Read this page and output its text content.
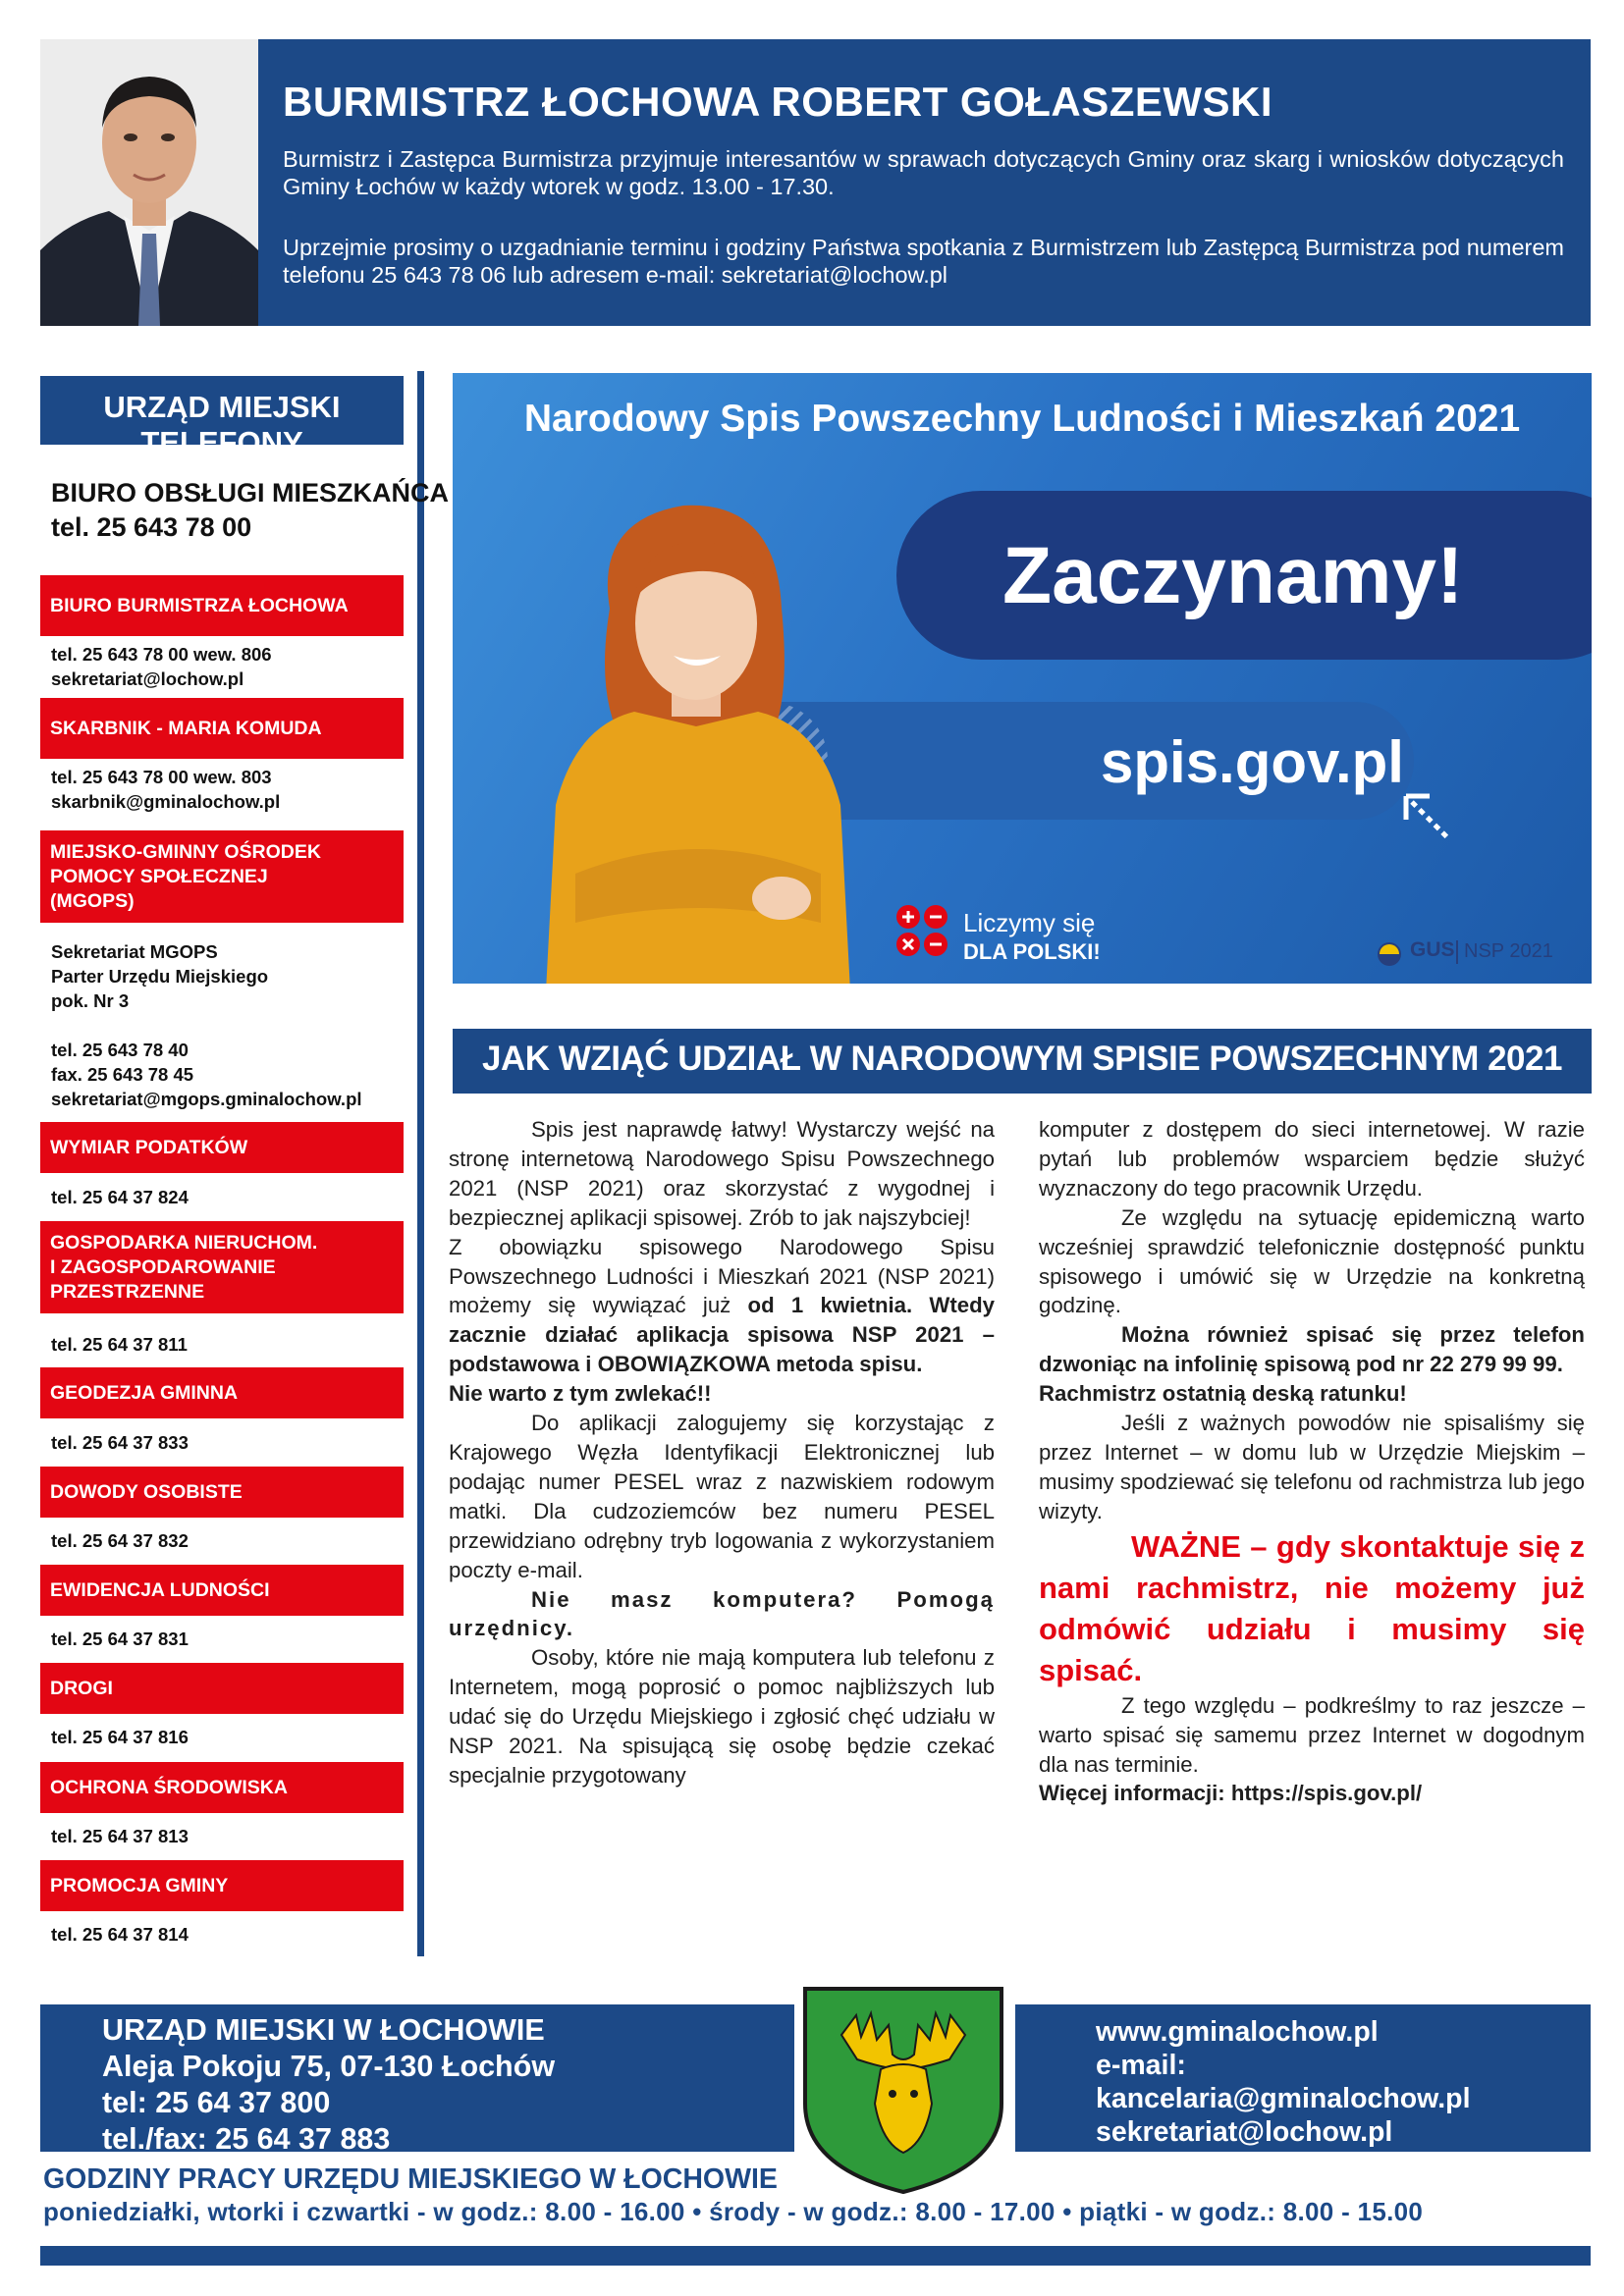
BURMISTRZ ŁOCHOWA ROBERT GOŁASZEWSKI
Burmistrz i Zastępca Burmistrza przyjmuje interesantów w sprawach dotyczących Gminy oraz skarg i wniosków dotyczących Gminy Łochów w każdy wtorek w godz. 13.00 - 17.30.
Uprzejmie prosimy o uzgadnianie terminu i godziny Państwa spotkania z Burmistrzem lub Zastępcą Burmistrza pod numerem telefonu 25 643 78 06 lub adresem e-mail: sekretariat@lochow.pl
URZĄD MIEJSKI TELEFONY
BIURO OBSŁUGI MIESZKAŃCA
tel. 25 643 78 00
BIURO BURMISTRZA ŁOCHOWA
tel. 25 643 78 00 wew. 806
sekretariat@lochow.pl
SKARBNIK - MARIA KOMUDA
tel. 25 643 78 00 wew. 803
skarbnik@gminalochow.pl
MIEJSKO-GMINNY OŚRODEK
POMOCY SPOŁECZNEJ
(MGOPS)
Sekretariat MGOPS
Parter Urzędu Miejskiego
pok. Nr 3
tel. 25 643 78 40
fax. 25 643 78 45
sekretariat@mgops.gminalochow.pl
WYMIAR PODATKÓW
tel. 25 64 37 824
GOSPODARKA NIERUCHOM.
I ZAGOSPODAROWANIE
PRZESTRZENNE
tel. 25 64 37 811
GEODEZJA GMINNA
tel. 25 64 37 833
DOWODY OSOBISTE
tel. 25 64 37 832
EWIDENCJA LUDNOŚCI
tel. 25 64 37 831
DROGI
tel. 25 64 37 816
OCHRONA ŚRODOWISKA
tel. 25 64 37 813
PROMOCJA GMINY
tel. 25 64 37 814
Narodowy Spis Powszechny Ludności i Mieszkań 2021
Zaczynamy!
spis.gov.pl
Liczymy się
DLA POLSKI!	GUS NSP 2021
JAK WZIĄĆ UDZIAŁ W NARODOWYM SPISIE POWSZECHNYM 2021

Spis jest naprawdę łatwy! Wystarczy wejść na stronę internetową Narodowego Spisu Powszechnego 2021 (NSP 2021) oraz skorzystać z wygodnej i bezpiecznej aplikacji spisowej. Zrób to jak najszybciej!

Z obowiązku spisowego Narodowego Spisu Powszechnego Ludności i Mieszkań 2021 (NSP 2021) możemy się wywiązać już od 1 kwietnia. Wtedy zacznie działać aplikacja spisowa NSP 2021 – podstawowa i OBOWIĄZKOWA metoda spisu.

Nie warto z tym zwlekać!!

Do aplikacji zalogujemy się korzystając z Krajowego Węzła Identyfikacji Elektronicznej lub podając numer PESEL wraz z nazwiskiem rodowym matki. Dla cudzoziemców bez numeru PESEL przewidziano odrębny tryb logowania z wykorzystaniem poczty e-mail.

Nie masz komputera? Pomogą urzędnicy.

Osoby, które nie mają komputera lub telefonu z Internetem, mogą poprosić o pomoc najbliższych lub udać się do Urzędu Miejskiego i zgłosić chęć udziału w NSP 2021. Na spisującą się osobę będzie czekać specjalnie przygotowany

komputer z dostępem do sieci internetowej. W razie pytań lub problemów wsparciem będzie służyć wyznaczony do tego pracownik Urzędu.

Ze względu na sytuację epidemiczną warto wcześniej sprawdzić telefonicznie dostępność punktu spisowego i umówić się w Urzędzie na konkretną godzinę.

Można również spisać się przez telefon dzwoniąc na infolinię spisową pod nr 22 279 99 99.

Rachmistrz ostatnią deską ratunku!

Jeśli z ważnych powodów nie spisaliśmy się przez Internet – w domu lub w Urzędzie Miejskim – musimy spodziewać się telefonu od rachmistrza lub jego wizyty.

WAŻNE – gdy skontaktuje się z nami rachmistrz, nie możemy już odmówić udziału i musimy się spisać.

Z tego względu – podkreślmy to raz jeszcze – warto spisać się samemu przez Internet w dogodnym dla nas terminie.

Więcej informacji: https://spis.gov.pl/

URZĄD MIEJSKI W ŁOCHOWIE
Aleja Pokoju 75, 07-130 Łochów
tel: 25 64 37 800
tel./fax: 25 64 37 883
www.gminalochow.pl
e-mail:
kancelaria@gminalochow.pl
sekretariat@lochow.pl
GODZINY PRACY URZĘDU MIEJSKIEGO W ŁOCHOWIE
poniedziałki, wtorki i czwartki - w godz.: 8.00 - 16.00 • środy - w godz.: 8.00 - 17.00 • piątki - w godz.: 8.00 - 15.00
